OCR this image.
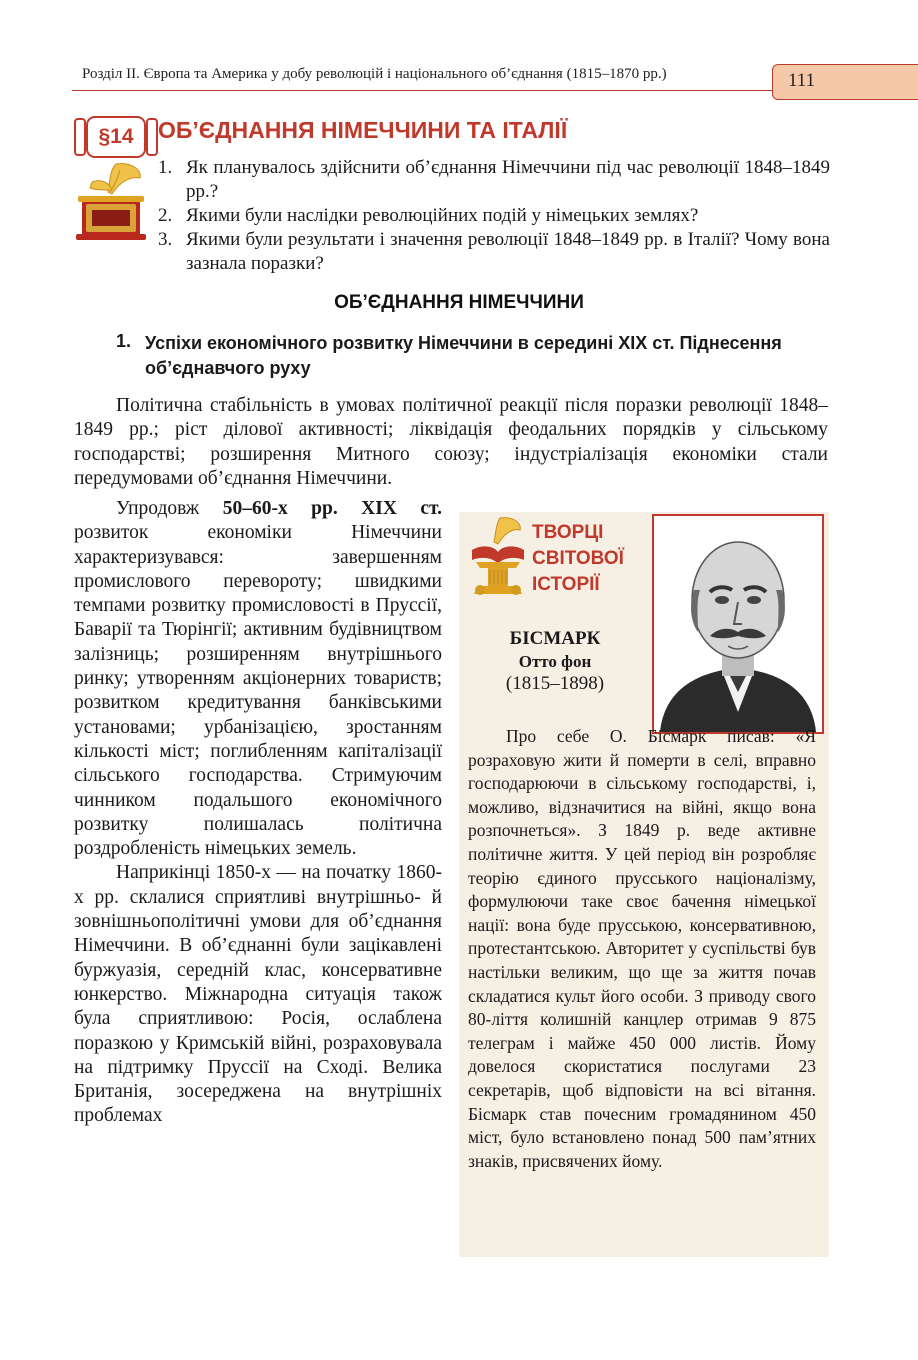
Розділ ІІ. Європа та Америка у добу революцій і національного об’єднання (1815–1870 рр.)	111
§14	ОБ’ЄДНАННЯ НІМЕЧЧИНИ ТА ІТАЛІЇ
1. Як планувалось здійснити об’єднання Німеччини під час революції 1848–1849 рр.?
2. Якими були наслідки революційних подій у німецьких землях?
3. Якими були результати і значення революції 1848–1849 рр. в Італії? Чому вона зазнала поразки?
ОБ’ЄДНАННЯ НІМЕЧЧИНИ
1. Успіхи економічного розвитку Німеччини в середині ХІХ ст. Піднесення об’єднавчого руху
Політична стабільність в умовах політичної реакції після поразки революції 1848–1849 рр.; ріст ділової активності; ліквідація феодальних порядків у сільському господарстві; розширення Митного союзу; індустріалізація економіки стали передумовами об’єднання Німеччини.

Упродовж 50–60-х рр. ХІХ ст. розвиток економіки Німеччини характеризувався: завершенням промислового перевороту; швидкими темпами розвитку промисловості в Пруссії, Баварії та Тюрінгії; активним будівництвом залізниць; розширенням внутрішнього ринку; утворенням акціонерних товариств; розвитком кредитування банківськими установами; урбанізацією, зростанням кількості міст; поглибленням капіталізації сільського господарства. Стримуючим чинником подальшого економічного розвитку полишалась політична роздробленість німецьких земель.

Наприкінці 1850-х — на початку 1860-х рр. склалися сприятливі внутрішньо- й зовнішньополітичні умови для об’єднання Німеччини. В об’єднанні були зацікавлені буржуазія, середній клас, консервативне юнкерство. Міжнародна ситуація також була сприятливою: Росія, ослаблена поразкою у Кримській війні, розраховувала на підтримку Пруссії на Сході. Велика Британія, зосереджена на внутрішніх проблемах

ТВОРЦІ
СВІТОВОЇ
ІСТОРІЇ
БІСМАРК
Отто фон
(1815–1898)
Про себе О. Бісмарк писав: «Я розраховую жити й померти в селі, вправно господарюючи в сільському господарстві, і, можливо, відзначитися на війні, якщо вона розпочнеться». З 1849 р. веде активне політичне життя. У цей період він розробляє теорію єдиного прусського націоналізму, формулюючи таке своє бачення німецької нації: вона буде прусською, консервативною, протестантською. Авторитет у суспільстві був настільки великим, що ще за життя почав складатися культ його особи. З приводу свого 80-ліття колишній канцлер отримав 9 875 телеграм і майже 450 000 листів. Йому довелося скористатися послугами 23 секретарів, щоб відповісти на всі вітання. Бісмарк став почесним громадянином 450 міст, було встановлено понад 500 пам’ятних знаків, присвячених йому.
